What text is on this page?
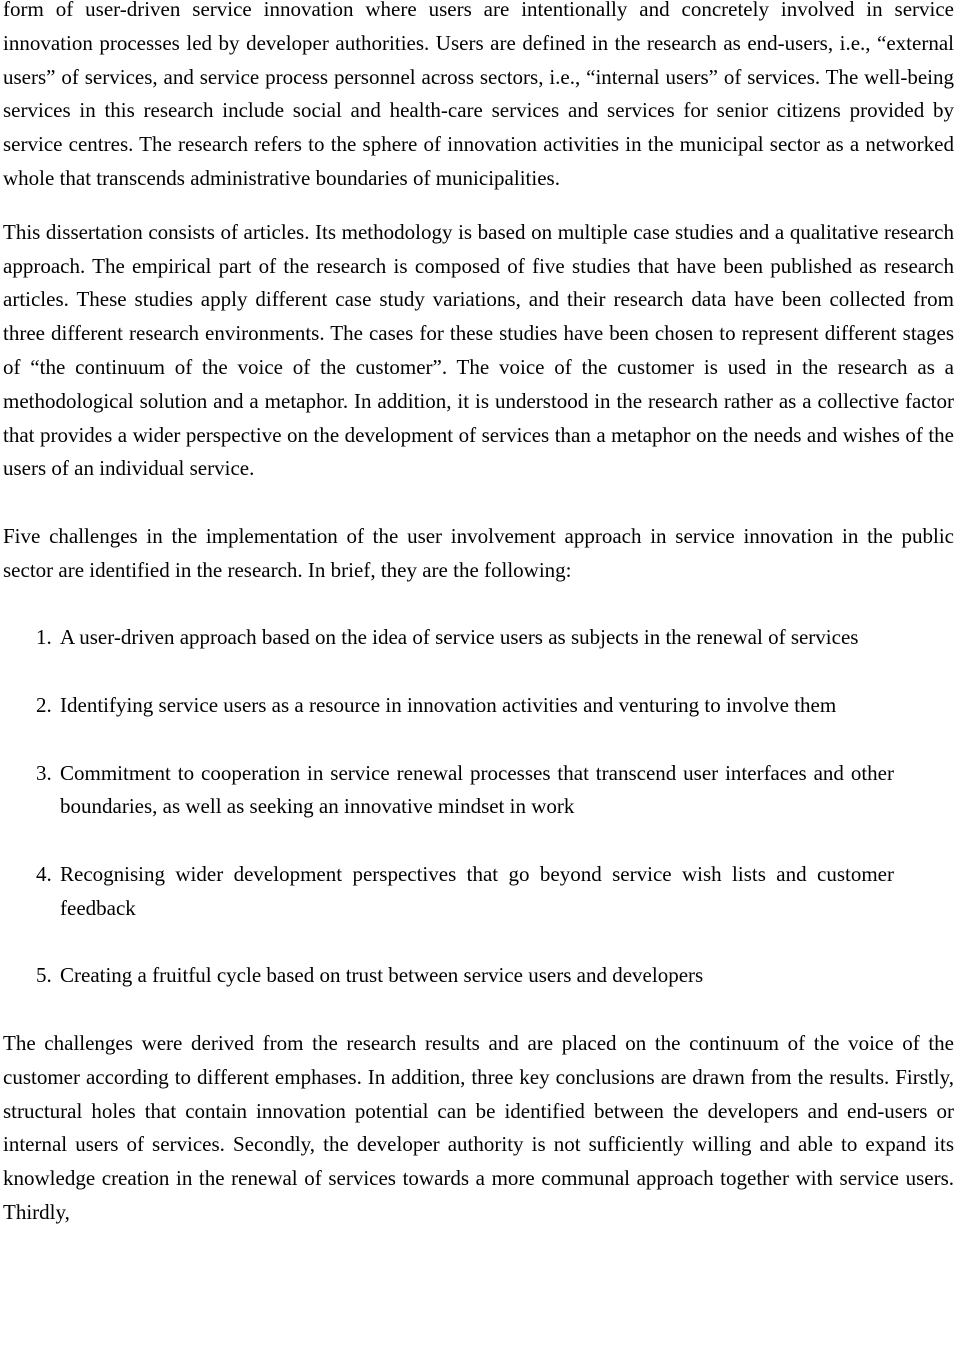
form of user-driven service innovation where users are intentionally and concretely involved in service innovation processes led by developer authorities. Users are defined in the research as end-users, i.e., “external users” of services, and service process personnel across sectors, i.e., “internal users” of services. The well-being services in this research include social and health-care services and services for senior citizens provided by service centres. The research refers to the sphere of innovation activities in the municipal sector as a networked whole that transcends administrative boundaries of municipalities.

This dissertation consists of articles. Its methodology is based on multiple case studies and a qualitative research approach. The empirical part of the research is composed of five studies that have been published as research articles. These studies apply different case study variations, and their research data have been collected from three different research environments. The cases for these studies have been chosen to represent different stages of “the continuum of the voice of the customer”. The voice of the customer is used in the research as a methodological solution and a metaphor. In addition, it is understood in the research rather as a collective factor that provides a wider perspective on the development of services than a metaphor on the needs and wishes of the users of an individual service.

Five challenges in the implementation of the user involvement approach in service innovation in the public sector are identified in the research. In brief, they are the following:

1. A user-driven approach based on the idea of service users as subjects in the renewal of services
2. Identifying service users as a resource in innovation activities and venturing to involve them
3. Commitment to cooperation in service renewal processes that transcend user interfaces and other boundaries, as well as seeking an innovative mindset in work
4. Recognising wider development perspectives that go beyond service wish lists and customer feedback
5. Creating a fruitful cycle based on trust between service users and developers

The challenges were derived from the research results and are placed on the continuum of the voice of the customer according to different emphases. In addition, three key conclusions are drawn from the results. Firstly, structural holes that contain innovation potential can be identified between the developers and end-users or internal users of services. Secondly, the developer authority is not sufficiently willing and able to expand its knowledge creation in the renewal of services towards a more communal approach together with service users. Thirdly,
